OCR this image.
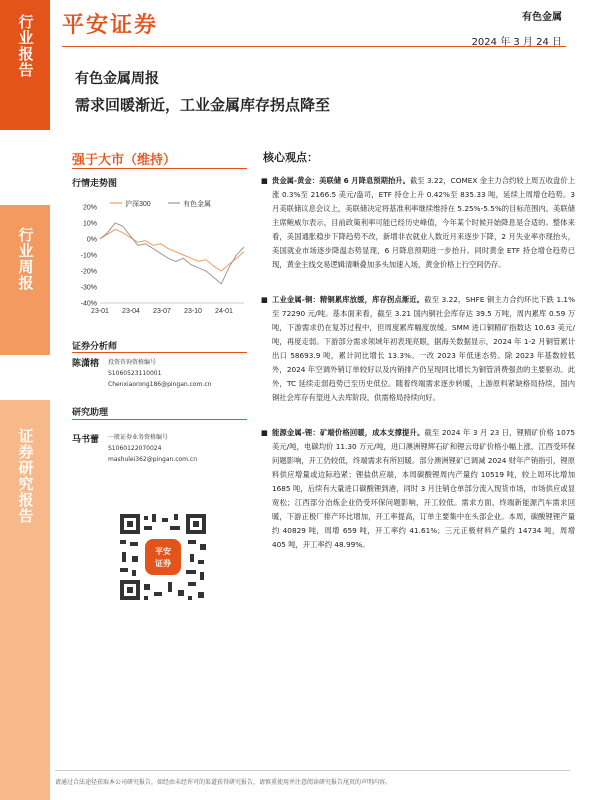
行业报告
行业周报
证券研究报告
平安证券	有色金属
2024 年 3 月 24 日
有色金属周报
需求回暖渐近，工业金属库存拐点降至
强于大市（维持）
行情走势图
20%
10%
0%
-10%
-20%
-30%
-40%
23-01 23-04 23-07 23-10 24-01
沪深300	有色金属
证券分析师
陈潇榕 投资咨询资格编号
S1060523110001
Chenxiaorong186@pingan.com.cn
研究助理
马书蕾 一般证券业务资格编号
S1060122070024
mashulei362@pingan.com.cn
平安
证券
核心观点：
■ 贵金属-黄金：美联储 6 月降息预期抬升。截至 3.22，COMEX 金主力合约较上周五收盘价上涨 0.3%至 2166.5 美元/盎司，ETF 持仓上升 0.42%至 835.33 吨，延续上周增仓趋势。3 月美联储议息会议上，美联储决定将基准利率继续维持在 5.25%-5.5%的目标范围内。美联储主席鲍威尔表示，目前政策利率可能已经历史峰值，今年某个时候开始降息是合适的。整体来看，美国通胀稳步下降趋势不改，新增非农就业人数近月来逐步下降，2 月失业率亦现抬头，美国就业市场逐步降温态势显现，6 月降息预期进一步抬升。同时黄金 ETF 持仓增仓趋势已现，黄金主线交易逻辑清晰叠加多头加速入场，黄金价格上行空间仍存。
■ 工业金属-铜：精铜累库放缓，库存拐点渐近。截至 3.22，SHFE 铜主力合约环比下跌 1.1%至 72290 元/吨。基本面来看，截至 3.21 国内铜社会库存达 39.5 万吨，周内累库 0.59 万吨，下游需求仍在复苏过程中，但周度累库幅度放缓。SMM 进口铜精矿指数达 10.63 美元/吨，再度走弱。下游部分需求领域年初表现亮眼，据海关数据显示，2024 年 1-2 月铜管累计出口 58693.9 吨，累计同比增长 13.3%。一改 2023 年低迷态势。除 2023 年基数较低外，2024 年空调外销订单较好以及内销排产仍呈现同比增长为铜管消费强劲的主要驱动。此外，TC 延续走弱趋势已至历史低位。随着终端需求逐步转暖，上游原料紧缺格局持续，国内铜社会库存有望进入去库阶段，供需格局持续向好。
■ 能源金属-锂：矿端价格回暖，成本支撑提升。截至 2024 年 3 月 23 日，锂精矿价格 1075 美元/吨，电碳均价 11.30 万元/吨，进口澳洲锂辉石矿和锂云母矿价格小幅上涨，江西受环保问题影响，开工仍较低，终端需求有所回暖。部分澳洲锂矿已调减 2024 财年产销指引，锂原料供应增量或边际趋紧；锂盐供应端，本周碳酸锂周内产量约 10519 吨，较上周环比增加 1685 吨，后续有大量进口碳酸锂到港，同时 3 月注销仓单部分流入现货市场，市场供应或显宽松；江西部分冶炼企业仍受环保问题影响，开工较低。需求方面，终端新能源汽车需求回暖，下游正极厂排产环比增加，开工率提高，订单主要集中在头部企业。本周，碳酸锂锂产量约 40829 吨，周增 659 吨，开工率约 41.61%；三元正极材料产量约 14734 吨，周增 405 吨，开工率约 48.99%。
请通过合法途径获取本公司研究报告，如经由未经许可的渠道获得研究报告，请慎重使用并注意阅读研究报告尾页的声明内容。
